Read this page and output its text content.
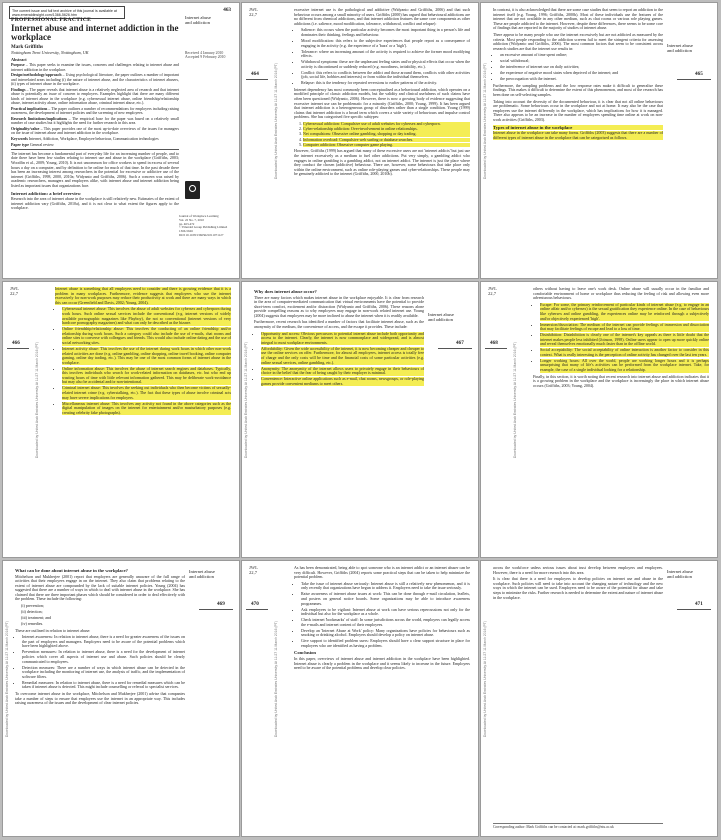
The current issue and full text archive of this journal is available at www.emeraldinsight.com/1366-5626.htm
463
Internet abuse
and addiction
Received 4 January 2010
Accepted 9 February 2010
PROFESSIONAL PRACTICE
Internet abuse and internet addiction in the workplace
Mark Griffiths
Nottingham Trent University, Nottingham, UK
Abstract
Purpose – This paper seeks to examine the issues, concerns and challenges relating to internet abuse and internet addiction in the workplace.
Design/methodology/approach – Using psychological literature, the paper outlines a number of important and interrelated areas including (i) the nature of internet abuse, and the characteristics of internet abusers, (ii) types of internet abuse in the workplace.
Findings – The paper reveals that internet abuse is a relatively neglected area of research and that internet abuse is potentially an issue of concern to employers. Examples highlight that there are many different kinds of internet abuse in the workplace (e.g. cybersexual internet abuse, online friendship/relationship abuse, internet activity abuse, online information abuse, criminal internet abuse, etc.).
Practical implications – The paper outlines a number of recommendations for employers including raising awareness, the development of internet policies and the screening of new employees.
Research limitations/implications – The empirical base for the paper was based on a relatively small number of case studies but it highlights the need for further research in this area.
Originality/value – This paper provides one of the most up-to-date overviews of the issues for managers on the issue of internet abuse and internet addiction in the workplace.
Keywords Internet, Addiction, Workplace, Employee behaviour, Communication technologies
Paper type General review
The internet has become a fundamental part of everyday life for an increasing number of people, and to date there have been few studies relating to internet use and abuse in the workplace (Griffiths, 2003; Woodfin et al., 2009; Young, 2010). It is not uncommon for office workers to spend in excess of several hours a day on a computer, and by definition to be online for much of that time. In the past decade there has been an increasing interest among researchers in the potential for excessive or addictive use of the internet (Griffiths, 1998, 2000, 2010a; Widyanto and Griffiths, 2006). Such a concern was raised by academic researchers, managers and employers alike, with internet abuse and internet addiction being listed as important issues that organizations face.
Internet addiction: a brief overview
Research into the area of internet abuse in the workplace is still relatively new. Estimates of the extent of internet addiction vary (Griffiths, 2010a), and it is not clear to what extent the figures apply to the workplace.
Journal of Workplace Learning
Vol. 22 No. 7, 2010
pp. 463-472
© Emerald Group Publishing Limited
1366-5626
DOI 10.1108/13665621011071127
JWL
22,7
464	Downloaded by United Arab Emirates University At 11:27 11 March 2016 (PT)
excessive internet use is the pathological and addictive (Widyanto and Griffiths, 2006) and that such behaviour occurs among a small minority of users. Griffiths (2000) has argued that behavioural addictions are no different from chemical addictions, and that internet addiction features the same core components as other addictions (i.e. salience, mood modification, tolerance, withdrawal, conflict and relapse):
• Salience: this occurs when the particular activity becomes the most important thing in a person's life and dominates their thinking, feelings and behaviour.
• Mood modification: this refers to the subjective experiences that people report as a consequence of engaging in the activity (e.g. the experience of a 'buzz' or a 'high').
• Tolerance: where an increasing amount of the activity is required to achieve the former mood modifying effects.
• Withdrawal symptoms: these are the unpleasant feeling states and/or physical effects that occur when the activity is discontinued or suddenly reduced (e.g. moodiness, irritability, etc.).
• Conflict: this refers to conflicts between the addict and those around them, conflicts with other activities (job, social life, hobbies and interests) or from within the individual themselves.
• Relapse: this is the tendency for repeated reversions to earlier patterns of the activity.
Internet dependency has most commonly been conceptualised as a behavioural addiction, which operates on a modified principle of classic addiction models, but the validity and clinical usefulness of such claims have often been questioned (Widyanto, 2006). However, there is now a growing body of evidence suggesting that excessive internet use can be problematic for a minority (Griffiths, 2000; Young, 1999). It has been argued that internet addiction is a heterogeneous group of disorders rather than a single condition. Young (1999) claims that internet addiction is a broad term which covers a wide variety of behaviours and impulse control problems. She has categorised five specific subtypes:
1. Cybersexual addiction: Compulsive use of adult websites for cybersex and cyberporn.
2. Cyber-relationship addiction: Over-involvement in online relationships.
3. Net compulsions: Obsessive online gambling, shopping or day trading.
4. Information overload: Compulsive web surfing or database searches.
5. Computer addiction: Obsessive computer game playing.
However, Griffiths (1999) has argued that many of these excessive users are not 'internet addicts' but just use the internet excessively as a medium to fuel other addictions. Put very simply, a gambling addict who engages in online gambling is a gambling addict, not an internet addict. The internet is just the place where they conduct the chosen (addictive) behaviour. There are, however, some behaviours that take place only within the online environment, such as online role-playing games and cyber-relationships. These people may be genuinely addicted to the internet (Griffiths, 2000, 2010b).	Downloaded by United Arab Emirates University At 11:27 11 March 2016 (PT)
Internet abuse
and addiction
465
In contrast, it is also acknowledged that there are some case studies that seem to report an addiction to the internet itself (e.g. Young, 1996; Griffiths, 2000b). Most of these individuals use the features of the internet that are not available in any other medium, such as chat rooms or various role playing games. These are people addicted to the internet. However, despite these differences, there seems to be some core of findings that are reported in the majority of studies of internet abuse.
There appear to be many people who use the internet excessively but are not addicted as measured by the criteria. Most people responding to the addiction screens fail to meet the stringent criteria for assessing addiction (Widyanto and Griffiths, 2006). The most common factors that seem to be consistent across research studies are that the internet use results in:
• an excessive amount of time spent online;
• social withdrawal;
• the interference of internet use on daily activities;
• the experience of negative mood states when deprived of the internet; and
• the preoccupation with the internet.
Furthermore, the sampling problems and the low response rates make it difficult to generalise these findings. This makes it difficult to determine the extent of this phenomenon, and most of the research has been done on self-selecting samples.
Taking into account the diversity of the documented behaviour, it is clear that not all online behaviours are problematic. Some behaviours occur in the workplace and not at home. It may also be the case that employees use the internet differently in the workplace, which has implications for how it is managed. There also appears to be an increase in the number of employees spending time online at work on non-work activities (Griffiths, 2003).
Types of internet abuse in the workplace
Internet abuse in the workplace can take many forms. Griffiths (2003) suggests that there are a number of different types of internet abuse in the workplace that can be categorised as follows.
JWL
22,7
466	Downloaded by United Arab Emirates University At 11:27 11 March 2016 (PT)
Internet abuse is something that all employers need to consider and there is growing evidence that it is a problem in many workplaces. Furthermore, evidence suggests that employees who use the internet excessively for non-work purposes may reduce their productivity at work and there are many ways in which this can occur (Greenfield and Davis, 2002; Young, 2004).
• Cybersexual internet abuse: This involves the abuse of adult websites for cybersex and cyberporn during work hours. Such online sexual services include the conventional (e.g. internet versions of widely available pornographic magazines like Playboy), the not so conventional (internet versions of very hardcore pornography magazines) and what can only be described as the bizarre.
• Online friendship/relationship abuse: This involves the conducting of an online friendship and/or relationship during work hours. Such a category could also include the use of e-mails, chat rooms and online sites to converse with colleagues and friends. This would also include online dating and the use of social networking sites.
• Internet activity abuse: This involves the use of the internet during work hours in which other non-work related activities are done (e.g. online gambling, online shopping, online travel booking, online computer gaming, online day trading, etc.). This may be one of the most common forms of internet abuse in the workplace.
• Online information abuse: This involves the abuse of internet search engines and databases. Typically, this involves individuals who search for work-related information on databases, etc. but who end up wasting hours of time with little relevant information gathered. This may be deliberate work-avoidance but may also be accidental and/or non-intentional.
• Criminal internet abuse: This involves the seeking out individuals who then become victims of sexually-related internet crime (e.g. cyberstalking, etc.). The fact that these types of abuse involve criminal acts may have severe implications for employers.
• Miscellaneous internet abuse: This involves any activity not found in the above categories such as the digital manipulation of images on the internet for entertainment and/or masturbatory purposes (e.g. creating celebrity fake photographs).	Downloaded by United Arab Emirates University At 11:27 11 March 2016 (PT)
Internet abuse
and addiction
467
Why does internet abuse occur?
There are many factors which makes internet abuse in the workplace enjoyable. It is clear from research in the area of computer-mediated communication that virtual environments have the potential to provide short-term comfort, excitement and/or distraction (Widyanto and Griffiths, 2006). These reasons alone provide compelling reasons as to why employees may engage in non-work related internet use. Young (2004) suggests that employees may be more inclined to abuse the internet when it is readily available.
Furthermore, recent research has identified a number of factors that facilitate internet abuse, such as the anonymity of the medium, the convenience of access, and the escape it provides. These include:
• Opportunity and access: Obvious precursors to potential internet abuse include both opportunity and access to the internet. Clearly, the internet is now commonplace and widespread, and is almost integral to most workplace environments.
• Affordability: Given the wide accessibility of the internet, it is now becoming cheaper and cheaper to use the online services on offer. Furthermore, for almost all employees, internet access is totally free of charge and the only costs will be time and the financial costs of some particular activities (e.g. online sexual services, online gambling, etc.).
• Anonymity: The anonymity of the internet allows users to privately engage in their behaviours of choice in the belief that the fear of being caught by their employer is minimal.
• Convenience: Interactive online applications such as e-mail, chat rooms, newsgroups, or role-playing games provide convenient mediums to meet others.
JWL
22,7
468	Downloaded by United Arab Emirates University At 11:27 11 March 2016 (PT)
others without having to leave one's work desk. Online abuse will usually occur in the familiar and comfortable environment of home or workplace thus reducing the feeling of risk and allowing even more adventurous behaviours.
• Escape: For some, the primary reinforcement of particular kinds of internet abuse (e.g. to engage in an online affair and/or cybersex) is the sexual gratification they experience online. In the case of behaviours like cybersex and online gambling, the experiences online may be reinforced through a subjectively and/or objectively experienced 'high'.
• Immersion/dissociation: The medium of the internet can provide feelings of immersion and dissociation that may facilitate feelings of escape and lead to a loss of time.
• Disinhibition: Disinhibition is clearly one of the internet's key appeals as there is little doubt that the internet makes people less inhibited (Joinson, 1998). Online users appear to open up more quickly online and reveal themselves emotionally much faster than in the offline world.
• Social acceptability: The social acceptability of online interaction is another factor to consider in this context. What is really interesting is the perception of online activity has changed over the last ten years.
• Longer working hours: All over the world, people are working longer hours and it is perhaps unsurprising that many of life's activities can be performed from the workplace internet. Take, for example, the case of a single individual looking for a relationship.
Finally, in this section, it is worth noting that recent research into internet abuse and addiction indicates that it is a growing problem in the workplace and the workplace is increasingly the place in which internet abuse occurs (Griffiths, 2003; Young, 2004).
Downloaded by United Arab Emirates University At 11:27 11 March 2016 (PT)
Internet abuse
and addiction
469
What can be done about internet abuse in the workplace?
Mitchelson and Mukherjee (2001) report that employers are generally unaware of the full range of activities that their employees engage in on the internet. They also claim that problems relating to the extent of internet abuse are compounded by the lack of suitable internet policies. Young (2004) has suggested that there are a number of ways in which to deal with internet abuse in the workplace. She has claimed that there are three important phases which should be considered in order to deal effectively with the problem. These include the following:
(i) prevention;
(ii) detection;
(iii) treatment; and
(iv) remedies.
These are outlined in relation to internet abuse:
• Internet awareness: In relation to internet abuse, there is a need for greater awareness of the issues on the part of employers and managers. Employers need to be aware of the potential problems which have been highlighted above.
• Prevention measures: In relation to internet abuse, there is a need for the development of internet policies which cover all aspects of internet use and abuse. Such policies should be clearly communicated to employees.
• Detection measures: There are a number of ways in which internet abuse can be detected in the workplace including the monitoring of internet use, the analysis of traffic, and the implementation of software filters.
• Remedial measures: In relation to internet abuse, there is a need for remedial measures which can be taken if internet abuse is detected. This might include counselling or referral to specialist services.
To overcome internet abuse in the workplace, Mitchelson and Mukherjee (2001) advise that companies take a number of steps to ensure that employees use the internet in an appropriate way. This includes raising awareness of the issues and the development of clear internet policies.
JWL
22,7
470
Downloaded by United Arab Emirates University At 11:27 11 March 2016 (PT)
As has been demonstrated, being able to spot someone who is an internet addict or an internet abuser can be very difficult. However, Griffiths (2004) reports some practical steps that can be taken to help minimize the potential problem.
• Take the issue of internet abuse seriously: Internet abuse is still a relatively new phenomenon, and it is only recently that organizations have begun to address it. Employers need to take the issue seriously.
• Raise awareness of internet abuse issues at work: This can be done through e-mail circulation, leaflets, and posters on general notice boards. Some organizations may be able to introduce awareness programmes.
• Ask employees to be vigilant: Internet abuse at work can have serious repercussions not only for the individual but also for the workplace as a whole.
• Check internet 'bookmarks' of staff: In some jurisdictions across the world, employers can legally access the e-mails and internet content of their employees.
• Develop an 'Internet Abuse at Work' policy: Many organizations have policies for behaviours such as smoking or drinking alcohol. Employers should develop a policy on internet abuse.
• Give support to identified problem users: Employers should have a clear support structure in place for employees who are identified as having a problem.
Conclusion
In this paper, overviews of internet abuse and internet addiction in the workplace have been highlighted. Internet abuse is clearly a problem in the workplace and it seems likely to increase in the future. Employers need to be aware of the potential problems and develop clear policies.	Downloaded by United Arab Emirates University At 11:27 11 March 2016 (PT)
Internet abuse
and addiction
471
across the workforce unless serious issues about trust develop between employers and employees. However, there is a need for more research into this area.
It is clear that there is a need for employers to develop policies on internet use and abuse in the workplace. Such policies will need to take into account the changing nature of technology and the new ways in which the internet can be used. Employers need to be aware of the potential for abuse and take steps to minimize the risks. Further research is needed to determine the extent and nature of internet abuse in the workplace.
Corresponding author: Mark Griffiths can be contacted at: mark.griffiths@ntu.ac.uk
